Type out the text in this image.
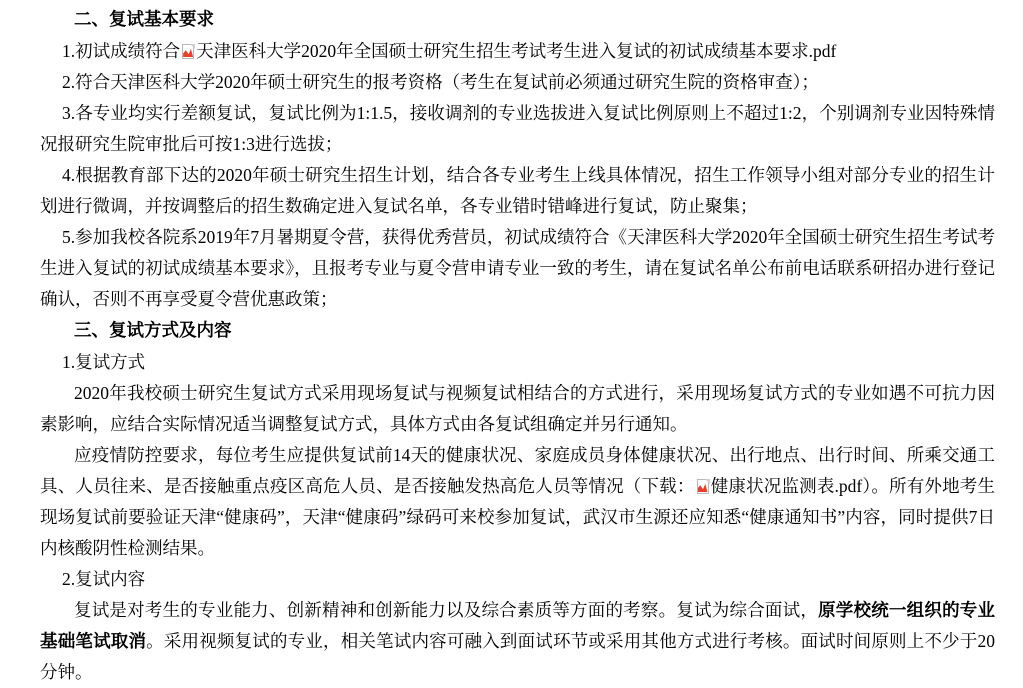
二、复试基本要求

1.初试成绩符合 天津医科大学2020年全国硕士研究生招生考试考生进入复试的初试成绩基本要求.pdf

2.符合天津医科大学2020年硕士研究生的报考资格（考生在复试前必须通过研究生院的资格审查）；

3.各专业均实行差额复试，复试比例为1:1.5，接收调剂的专业选拔进入复试比例原则上不超过1:2，个别调剂专业因特殊情况报研究生院审批后可按1:3进行选拔；

4.根据教育部下达的2020年硕士研究生招生计划，结合各专业考生上线具体情况，招生工作领导小组对部分专业的招生计划进行微调，并按调整后的招生数确定进入复试名单，各专业错时错峰进行复试，防止聚集；

5.参加我校各院系2019年7月暑期夏令营，获得优秀营员，初试成绩符合《天津医科大学2020年全国硕士研究生招生考试考生进入复试的初试成绩基本要求》，且报考专业与夏令营申请专业一致的考生，请在复试名单公布前电话联系研招办进行登记确认，否则不再享受夏令营优惠政策；

三、复试方式及内容

1.复试方式

2020年我校硕士研究生复试方式采用现场复试与视频复试相结合的方式进行，采用现场复试方式的专业如遇不可抗力因素影响，应结合实际情况适当调整复试方式，具体方式由各复试组确定并另行通知。

应疫情防控要求，每位考生应提供复试前14天的健康状况、家庭成员身体健康状况、出行地点、出行时间、所乘交通工具、人员往来、是否接触重点疫区高危人员、是否接触发热高危人员等情况（下载： 健康状况监测表.pdf）。所有外地考生现场复试前要验证天津“健康码”，天津“健康码”绿码可来校参加复试，武汉市生源还应知悉“健康通知书”内容，同时提供7日内核酸阴性检测结果。

2.复试内容

复试是对考生的专业能力、创新精神和创新能力以及综合素质等方面的考察。复试为综合面试，原学校统一组织的专业基础笔试取消。采用视频复试的专业，相关笔试内容可融入到面试环节或采用其他方式进行考核。面试时间原则上不少于20分钟。
